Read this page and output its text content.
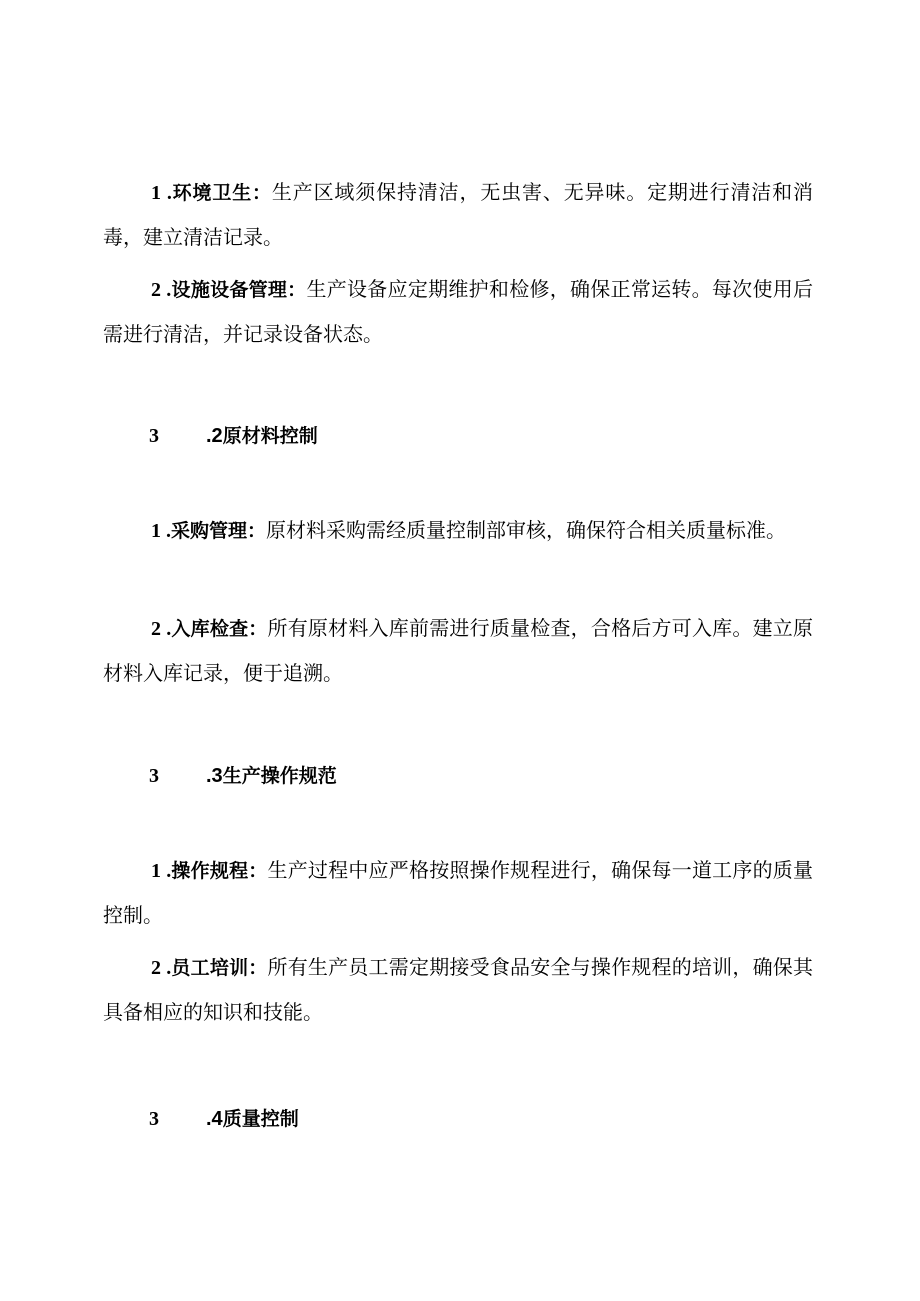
1 .环境卫生：生产区域须保持清洁，无虫害、无异味。定期进行清洁和消毒，建立清洁记录。

2 .设施设备管理：生产设备应定期维护和检修，确保正常运转。每次使用后需进行清洁，并记录设备状态。

3 .2原材料控制

1 .采购管理：原材料采购需经质量控制部审核，确保符合相关质量标准。

2 .入库检查：所有原材料入库前需进行质量检查，合格后方可入库。建立原材料入库记录，便于追溯。

3 .3生产操作规范

1 .操作规程：生产过程中应严格按照操作规程进行，确保每一道工序的质量控制。

2 .员工培训：所有生产员工需定期接受食品安全与操作规程的培训，确保其具备相应的知识和技能。

3 .4质量控制
